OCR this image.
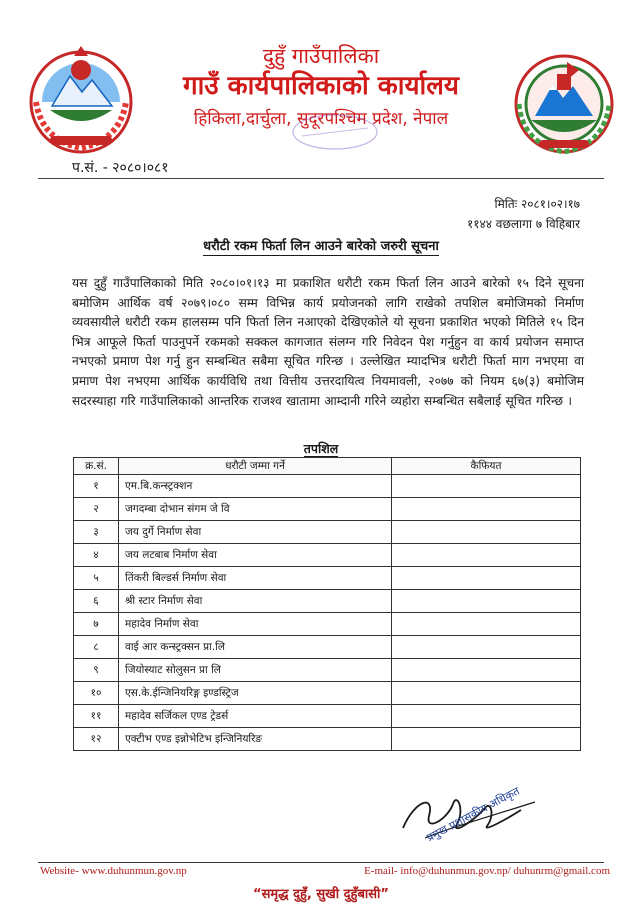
दुहुँ गाउँपालिका
गाउँ कार्यपालिकाको कार्यालय
हिकिला,दार्चुला, सुदूरपश्चिम प्रदेश, नेपाल
प.सं. - २०८०।०८१
मितिः २०८१।०२।१७
११४४ वछलागा ७ विहिबार
धरौटी रकम फिर्ता लिन आउने बारेको जरुरी सूचना
यस दुहुँ गाउँपालिकाको मिति २०८०।०१।१३ मा प्रकाशित धरौटी रकम फिर्ता लिन आउने बारेको १५ दिने सूचना बमोजिम आर्थिक वर्ष २०७९।०८० सम्म विभिन्न कार्य प्रयोजनको लागि राखेको तपशिल बमोजिमको निर्माण व्यवसायीले धरौटी रकम हालसम्म पनि फिर्ता लिन नआएको देखिएकोले यो सूचना प्रकाशित भएको मितिले १५ दिन भित्र आफूले फिर्ता पाउनुपर्ने रकमको सक्कल कागजात संलग्न गरि निवेदन पेश गर्नुहुन वा कार्य प्रयोजन समाप्त नभएको प्रमाण पेश गर्नु हुन सम्बन्धित सबैमा सूचित गरिन्छ । उल्लेखित म्यादभित्र धरौटी फिर्ता माग नभएमा वा प्रमाण पेश नभएमा आर्थिक कार्यविधि तथा वित्तीय उत्तरदायित्व नियमावली, २०७७ को नियम ६७(३) बमोजिम सदरस्याहा गरि गाउँपालिकाको आन्तरिक राजश्व खातामा आम्दानी गरिने व्यहोरा सम्बन्धित सबैलाई सूचित गरिन्छ ।
तपशिल
क्र.सं.	धरौटी जम्मा गर्ने	कैफियत
१	एम.बि.कन्स्ट्रक्शन	
२	जगदम्बा दोभान संगम जे वि	
३	जय दुर्गे निर्माण सेवा	
४	जय लटबाब निर्माण सेवा	
५	तिंकरी बिल्डर्स निर्माण सेवा	
६	श्री स्टार निर्माण सेवा	
७	महादेव निर्माण सेवा	
८	वाई आर कन्स्ट्रक्सन प्रा.लि	
९	जियोस्याट सोलुसन प्रा लि	
१०	एस.के.ईन्जिनियरिङ्ग इण्डस्ट्रिज	
११	महादेव सर्जिकल एण्ड ट्रेडर्स	
१२	एक्टीभ एण्ड इन्नोभेटिभ इन्जिनियरिङ	
प्रमुख प्रशासकीय अधिकृत
Website- www.duhunmun.gov.np	E-mail- info@duhunmun.gov.np/ duhunrm@gmail.com
“समृद्ध दुहुँ, सुखी दुहुँबासी”
